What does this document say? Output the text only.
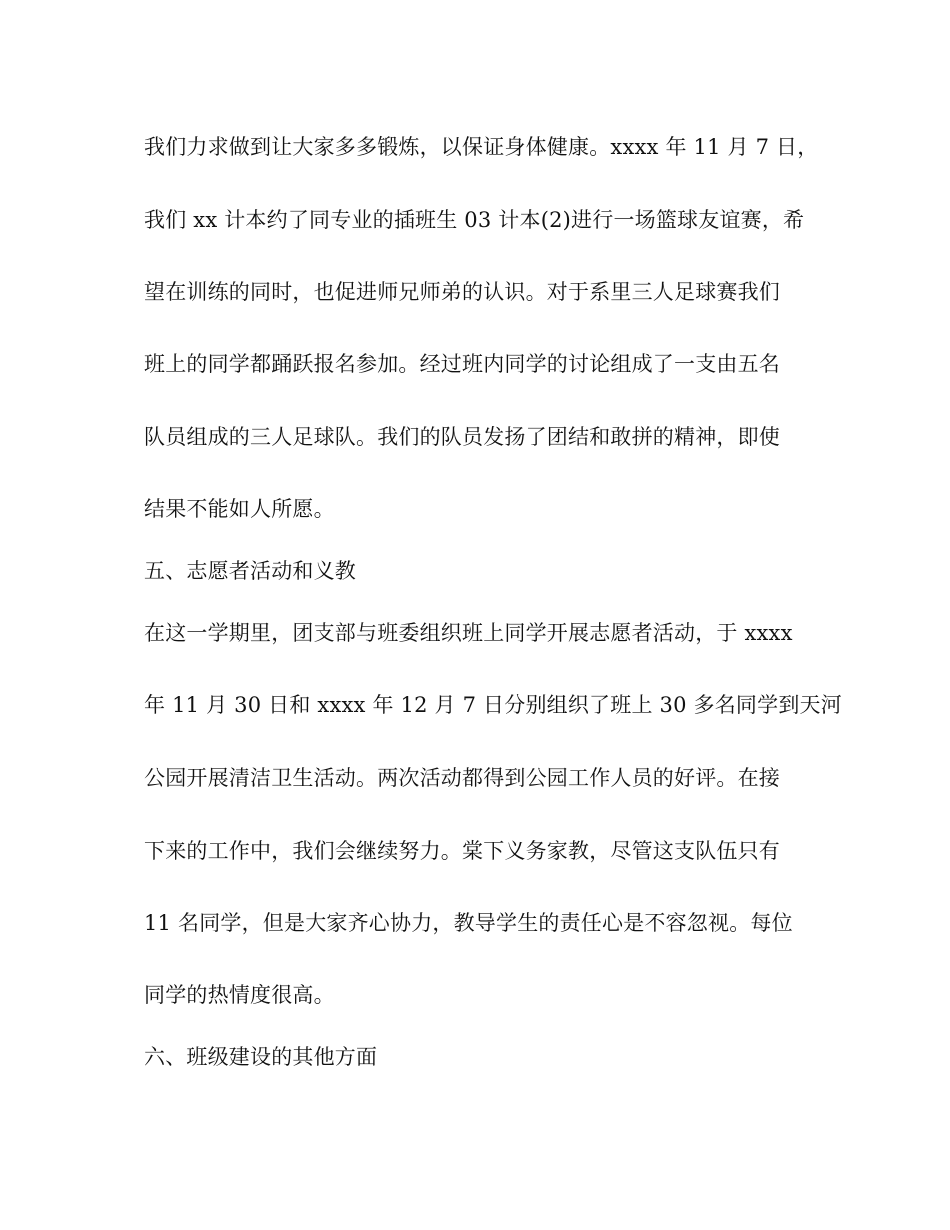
我们力求做到让大家多多锻炼，以保证身体健康。xxxx 年 11 月 7 日，
我们 xx 计本约了同专业的插班生 03 计本(2)进行一场篮球友谊赛，希
望在训练的同时，也促进师兄师弟的认识。对于系里三人足球赛我们
班上的同学都踊跃报名参加。经过班内同学的讨论组成了一支由五名
队员组成的三人足球队。我们的队员发扬了团结和敢拼的精神，即使
结果不能如人所愿。
五、志愿者活动和义教
在这一学期里，团支部与班委组织班上同学开展志愿者活动，于 xxxx
年 11 月 30 日和 xxxx 年 12 月 7 日分别组织了班上 30 多名同学到天河
公园开展清洁卫生活动。两次活动都得到公园工作人员的好评。在接
下来的工作中，我们会继续努力。棠下义务家教，尽管这支队伍只有
11 名同学，但是大家齐心协力，教导学生的责任心是不容忽视。每位
同学的热情度很高。
六、班级建设的其他方面
